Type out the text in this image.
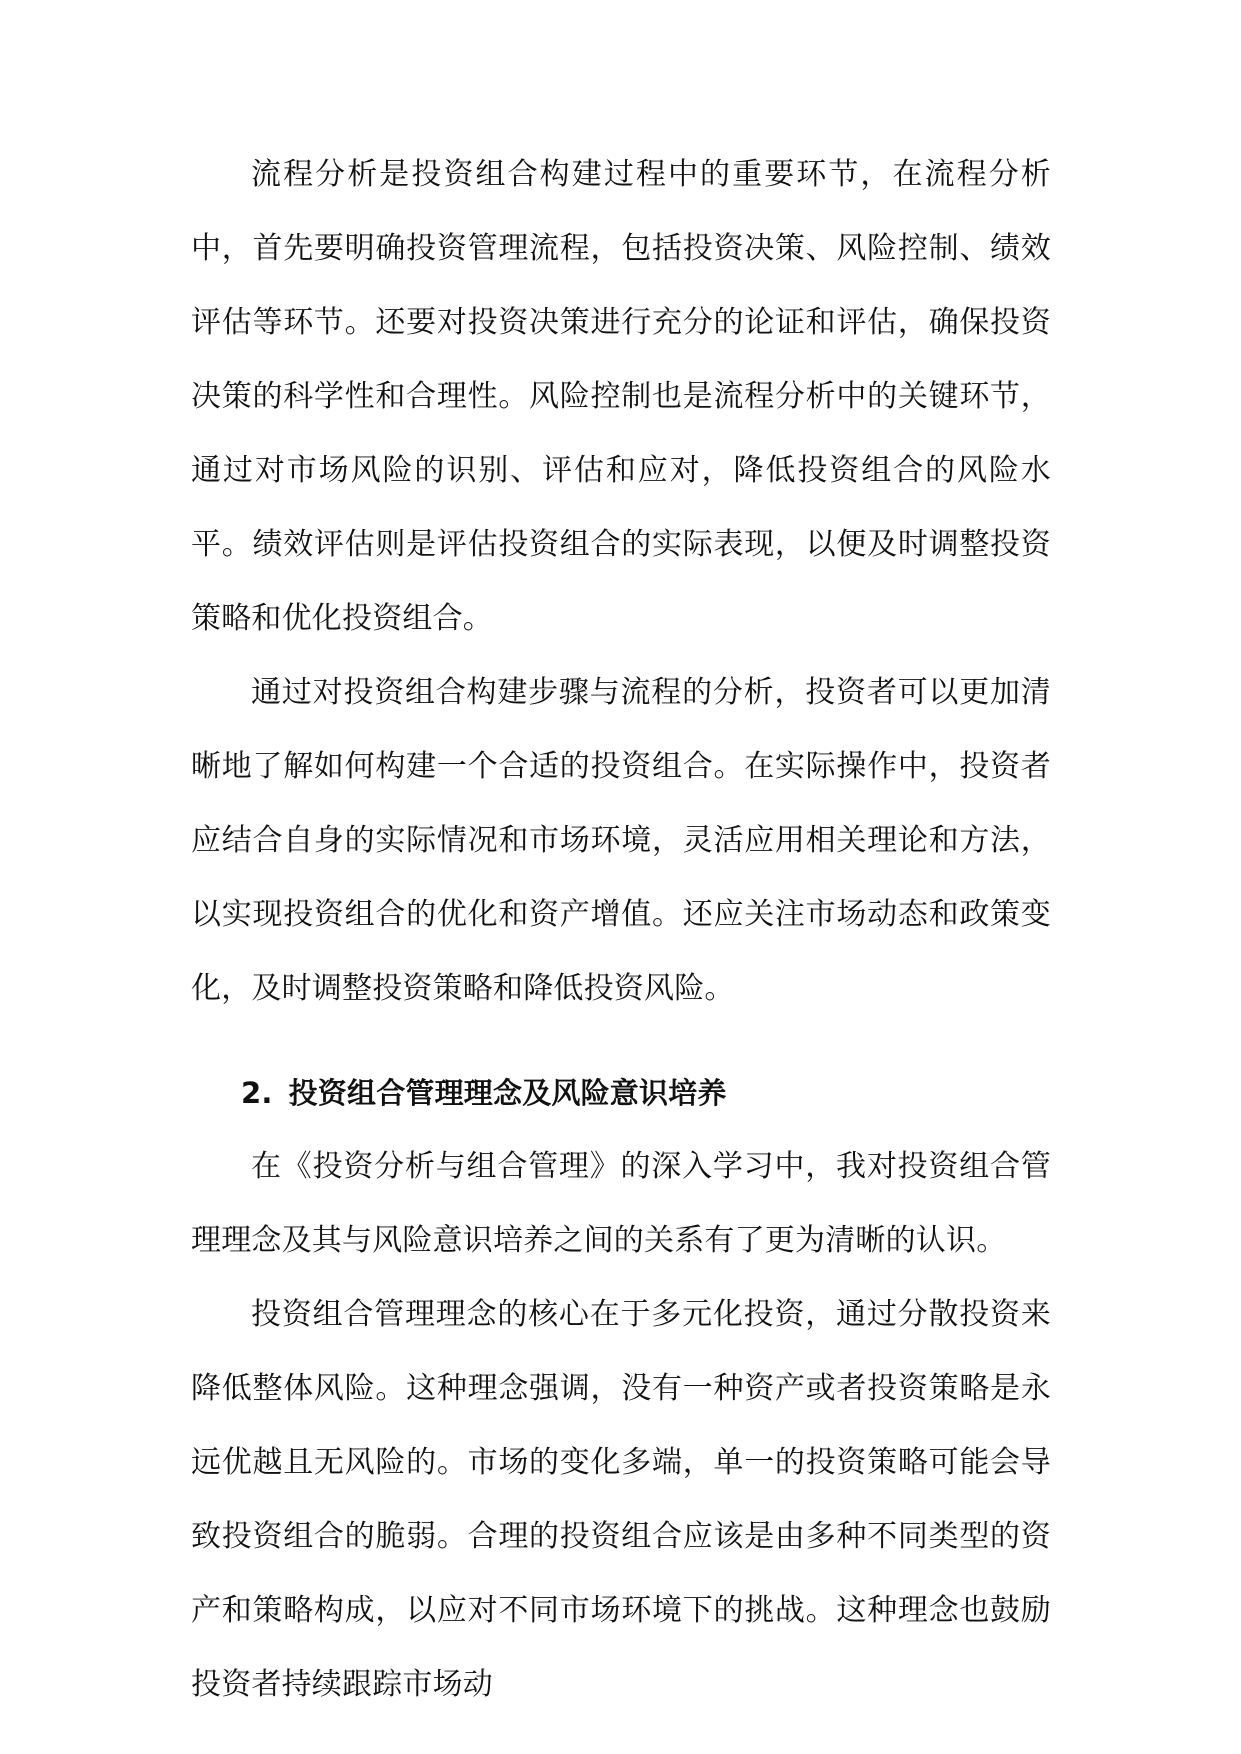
流程分析是投资组合构建过程中的重要环节，在流程分析中，首先要明确投资管理流程，包括投资决策、风险控制、绩效评估等环节。还要对投资决策进行充分的论证和评估，确保投资决策的科学性和合理性。风险控制也是流程分析中的关键环节，通过对市场风险的识别、评估和应对，降低投资组合的风险水平。绩效评估则是评估投资组合的实际表现，以便及时调整投资策略和优化投资组合。

通过对投资组合构建步骤与流程的分析，投资者可以更加清晰地了解如何构建一个合适的投资组合。在实际操作中，投资者应结合自身的实际情况和市场环境，灵活应用相关理论和方法，以实现投资组合的优化和资产增值。还应关注市场动态和政策变化，及时调整投资策略和降低投资风险。

2. 投资组合管理理念及风险意识培养

在《投资分析与组合管理》的深入学习中，我对投资组合管理理念及其与风险意识培养之间的关系有了更为清晰的认识。

投资组合管理理念的核心在于多元化投资，通过分散投资来降低整体风险。这种理念强调，没有一种资产或者投资策略是永远优越且无风险的。市场的变化多端，单一的投资策略可能会导致投资组合的脆弱。合理的投资组合应该是由多种不同类型的资产和策略构成，以应对不同市场环境下的挑战。这种理念也鼓励投资者持续跟踪市场动
